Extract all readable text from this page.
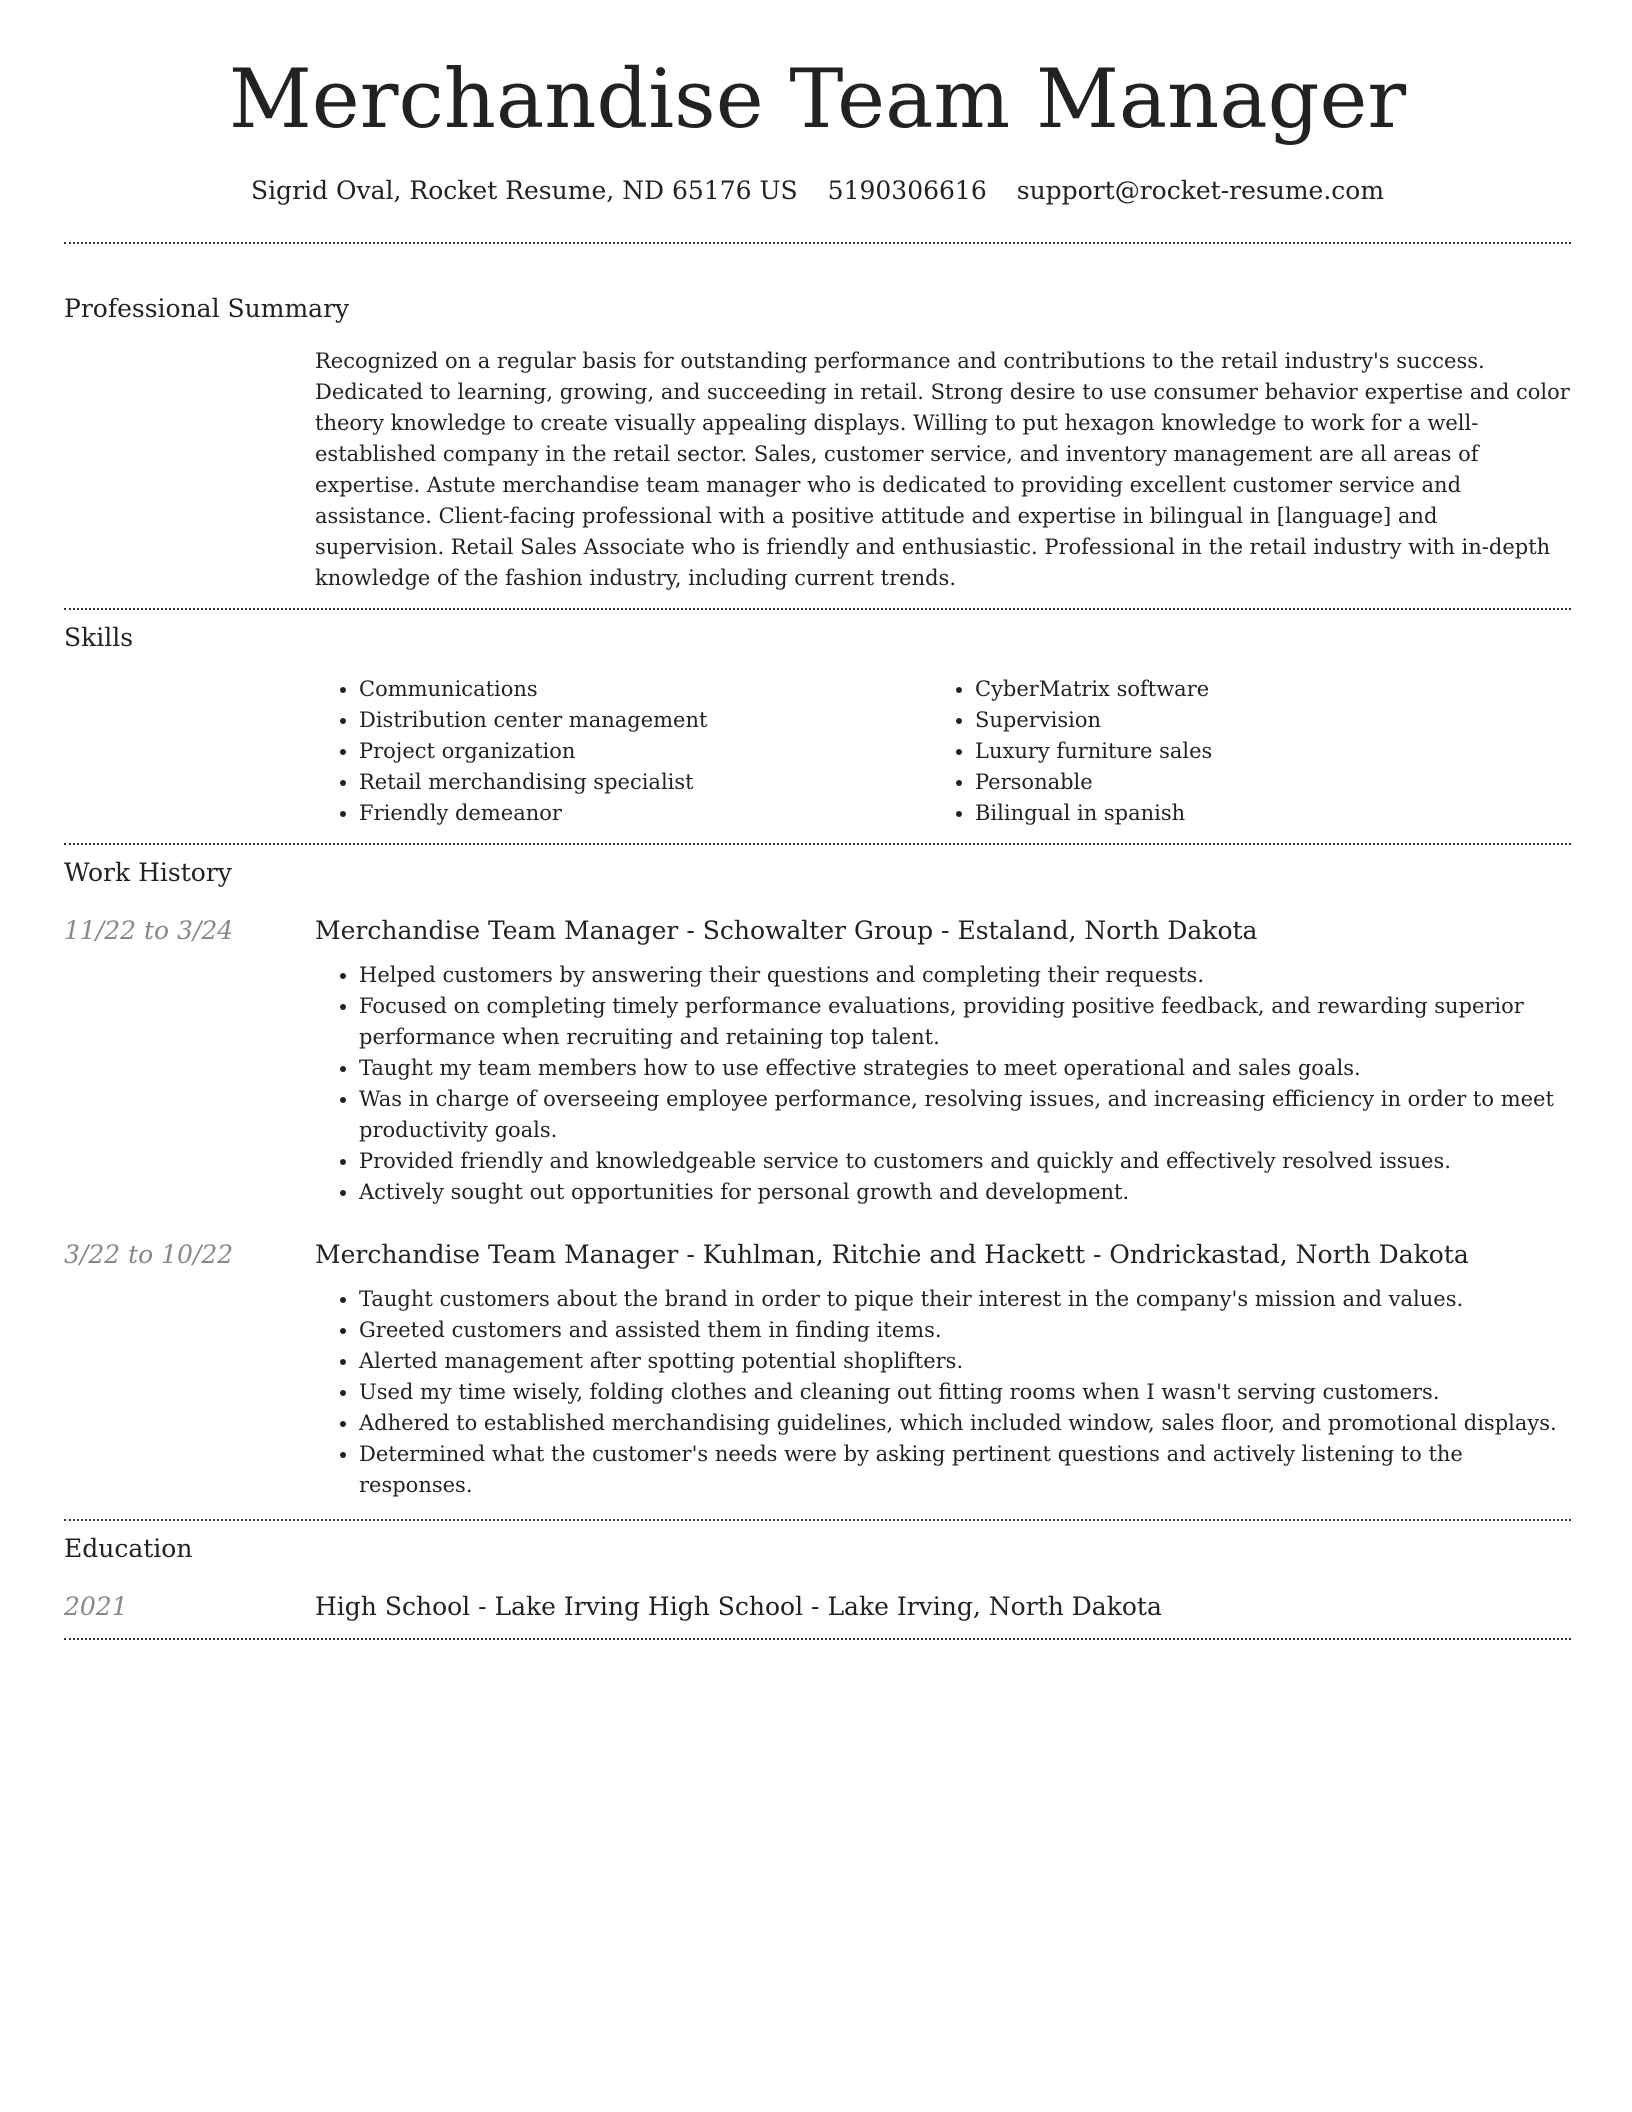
Merchandise Team Manager
Sigrid Oval, Rocket Resume, ND 65176 US 5190306616 support@rocket-resume.com
Professional Summary

Recognized on a regular basis for outstanding performance and contributions to the retail industry's success. Dedicated to learning, growing, and succeeding in retail. Strong desire to use consumer behavior expertise and color theory knowledge to create visually appealing displays. Willing to put hexagon knowledge to work for a well-established company in the retail sector. Sales, customer service, and inventory management are all areas of expertise. Astute merchandise team manager who is dedicated to providing excellent customer service and assistance. Client-facing professional with a positive attitude and expertise in bilingual in [language] and supervision. Retail Sales Associate who is friendly and enthusiastic. Professional in the retail industry with in-depth knowledge of the fashion industry, including current trends.

Skills
• Communications
• Distribution center management
• Project organization
• Retail merchandising specialist
• Friendly demeanor
• CyberMatrix software
• Supervision
• Luxury furniture sales
• Personable
• Bilingual in spanish
Work History
11/22 to 3/24	Merchandise Team Manager - Schowalter Group - Estaland, North Dakota
• Helped customers by answering their questions and completing their requests.
• Focused on completing timely performance evaluations, providing positive feedback, and rewarding superior performance when recruiting and retaining top talent.
• Taught my team members how to use effective strategies to meet operational and sales goals.
• Was in charge of overseeing employee performance, resolving issues, and increasing efficiency in order to meet productivity goals.
• Provided friendly and knowledgeable service to customers and quickly and effectively resolved issues.
• Actively sought out opportunities for personal growth and development.
3/22 to 10/22	Merchandise Team Manager - Kuhlman, Ritchie and Hackett - Ondrickastad, North Dakota
• Taught customers about the brand in order to pique their interest in the company's mission and values.
• Greeted customers and assisted them in finding items.
• Alerted management after spotting potential shoplifters.
• Used my time wisely, folding clothes and cleaning out fitting rooms when I wasn't serving customers.
• Adhered to established merchandising guidelines, which included window, sales floor, and promotional displays.
• Determined what the customer's needs were by asking pertinent questions and actively listening to the responses.
Education
2021	High School - Lake Irving High School - Lake Irving, North Dakota
